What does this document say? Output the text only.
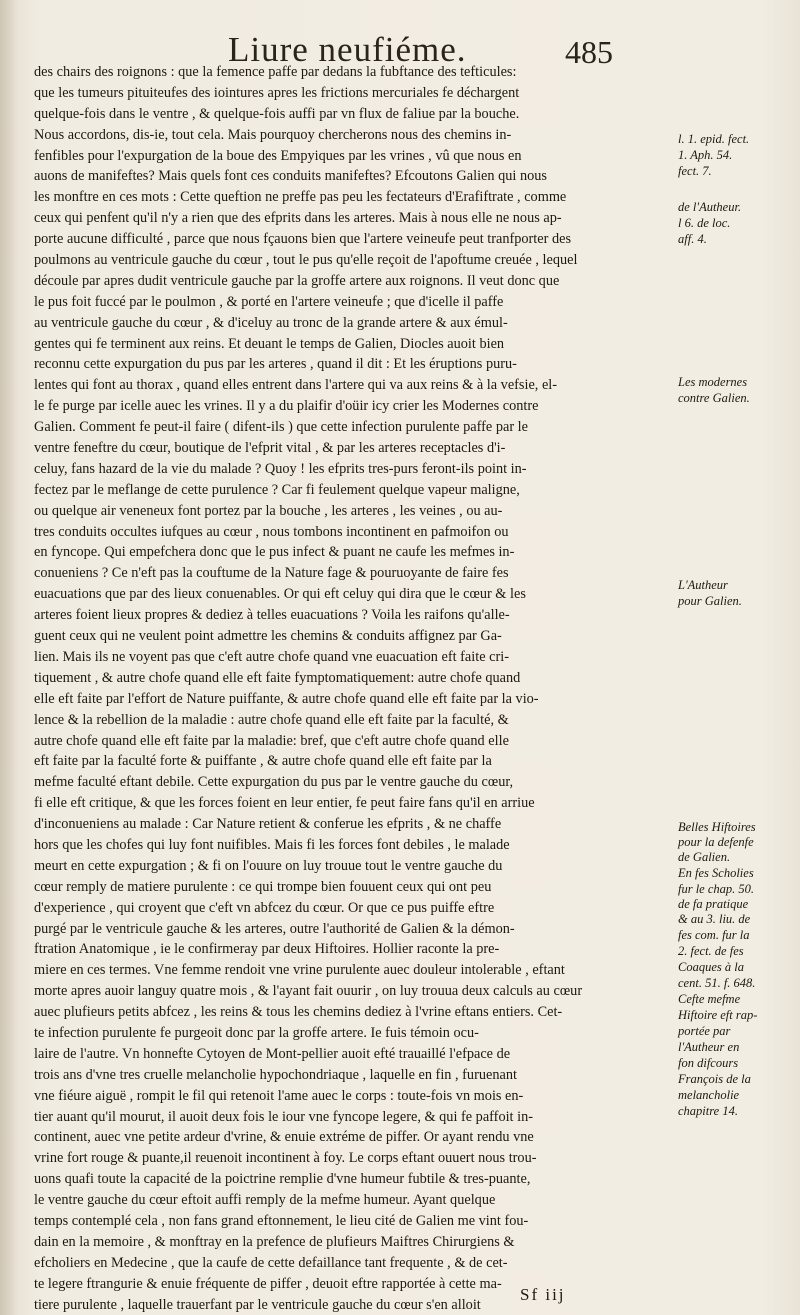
Liure neufiéme.	485
des chairs des roignons : que la femence paffe par dedans la fubftance des tefticules:
que les tumeurs pituiteufes des iointures apres les frictions mercuriales fe déchargent
quelque-fois dans le ventre , & quelque-fois auffi par vn flux de faliue par la bouche.
Nous accordons, dis-ie, tout cela. Mais pourquoy chercherons nous des chemins in-
fenfibles pour l'expurgation de la boue des Empyiques par les vrines , vû que nous en
auons de manifeftes? Mais quels font ces conduits manifeftes? Efcoutons Galien qui nous
les monftre en ces mots : Cette queftion ne preffe pas peu les fectateurs d'Erafiftrate , comme
ceux qui penfent qu'il n'y a rien que des efprits dans les arteres. Mais à nous elle ne nous ap-
porte aucune difficulté , parce que nous fçauons bien que l'artere veineufe peut tranfporter des
poulmons au ventricule gauche du cœur , tout le pus qu'elle reçoit de l'apoftume creuée , lequel
découle par apres dudit ventricule gauche par la groffe artere aux roignons. Il veut donc que
le pus foit fuccé par le poulmon , & porté en l'artere veineufe ; que d'icelle il paffe
au ventricule gauche du cœur , & d'iceluy au tronc de la grande artere & aux émul-
gentes qui fe terminent aux reins. Et deuant le temps de Galien, Diocles auoit bien
reconnu cette expurgation du pus par les arteres , quand il dit : Et les éruptions puru-
lentes qui font au thorax , quand elles entrent dans l'artere qui va aux reins & à la vefsie, el-
le fe purge par icelle auec les vrines. Il y a du plaifir d'oüir icy crier les Modernes contre
Galien. Comment fe peut-il faire ( difent-ils ) que cette infection purulente paffe par le
ventre feneftre du cœur, boutique de l'efprit vital , & par les arteres receptacles d'i-
celuy, fans hazard de la vie du malade ? Quoy ! les efprits tres-purs feront-ils point in-
fectez par le meflange de cette purulence ? Car fi feulement quelque vapeur maligne,
ou quelque air veneneux font portez par la bouche , les arteres , les veines , ou au-
tres conduits occultes iufques au cœur , nous tombons incontinent en pafmoifon ou
en fyncope. Qui empefchera donc que le pus infect & puant ne caufe les mefmes in-
conueniens ? Ce n'eft pas la couftume de la Nature fage & pouruoyante de faire fes
euacuations que par des lieux conuenables. Or qui eft celuy qui dira que le cœur & les
arteres foient lieux propres & dediez à telles euacuations ? Voila les raifons qu'alle-
guent ceux qui ne veulent point admettre les chemins & conduits affignez par Ga-
lien. Mais ils ne voyent pas que c'eft autre chofe quand vne euacuation eft faite cri-
tiquement , & autre chofe quand elle eft faite fymptomatiquement: autre chofe quand
elle eft faite par l'effort de Nature puiffante, & autre chofe quand elle eft faite par la vio-
lence & la rebellion de la maladie : autre chofe quand elle eft faite par la faculté, &
autre chofe quand elle eft faite par la maladie: bref, que c'eft autre chofe quand elle
eft faite par la faculté forte & puiffante , & autre chofe quand elle eft faite par la
mefme faculté eftant debile. Cette expurgation du pus par le ventre gauche du cœur,
fi elle eft critique, & que les forces foient en leur entier, fe peut faire fans qu'il en arriue
d'inconueniens au malade : Car Nature retient & conferue les efprits , & ne chaffe
hors que les chofes qui luy font nuifibles. Mais fi les forces font debiles , le malade
meurt en cette expurgation ; & fi on l'ouure on luy trouue tout le ventre gauche du
cœur remply de matiere purulente : ce qui trompe bien fouuent ceux qui ont peu
d'experience , qui croyent que c'eft vn abfcez du cœur. Or que ce pus puiffe eftre
purgé par le ventricule gauche & les arteres, outre l'authorité de Galien & la démon-
ftration Anatomique , ie le confirmeray par deux Hiftoires. Hollier raconte la pre-
miere en ces termes. Vne femme rendoit vne vrine purulente auec douleur intolerable , eftant
morte apres auoir languy quatre mois , & l'ayant fait ouurir , on luy trouua deux calculs au cœur
auec plufieurs petits abfcez , les reins & tous les chemins dediez à l'vrine eftans entiers. Cet-
te infection purulente fe purgeoit donc par la groffe artere. Ie fuis témoin ocu-
laire de l'autre. Vn honnefte Cytoyen de Mont-pellier auoit efté trauaillé l'efpace de
trois ans d'vne tres cruelle melancholie hypochondriaque , laquelle en fin , furuenant
vne fiéure aiguë , rompit le fil qui retenoit l'ame auec le corps : toute-fois vn mois en-
tier auant qu'il mourut, il auoit deux fois le iour vne fyncope legere, & qui fe paffoit in-
continent, auec vne petite ardeur d'vrine, & enuie extréme de piffer. Or ayant rendu vne
vrine fort rouge & puante,il reuenoit incontinent à foy. Le corps eftant ouuert nous trou-
uons quafi toute la capacité de la poictrine remplie d'vne humeur fubtile & tres-puante,
le ventre gauche du cœur eftoit auffi remply de la mefme humeur. Ayant quelque
temps contemplé cela , non fans grand eftonnement, le lieu cité de Galien me vint fou-
dain en la memoire , & monftray en la prefence de plufieurs Maiftres Chirurgiens &
efcholiers en Medecine , que la caufe de cette defaillance tant frequente , & de cet-
te legere ftrangurie & enuie fréquente de piffer , deuoit eftre rapportée à cette ma-
tiere purulente , laquelle trauerfant par le ventricule gauche du cœur s'en alloit
l. 1. epid. fect.
1. Aph. 54.
fect. 7.
de l'Autheur.
l 6. de loc.
aff. 4.
Les modernes
contre Galien.
L'Autheur
pour Galien.
Belles Hiftoires
pour la defenfe
de Galien.
En fes Scholies
fur le chap. 50.
de fa pratique
& au 3. liu. de
fes com. fur la
2. fect. de fes
Coaques à la
cent. 51. f. 648.
Cefte mefme
Hiftoire eft rap-
portée par
l'Autheur en
fon difcours
François de la
melancholie
chapitre 14.
Sf iij
